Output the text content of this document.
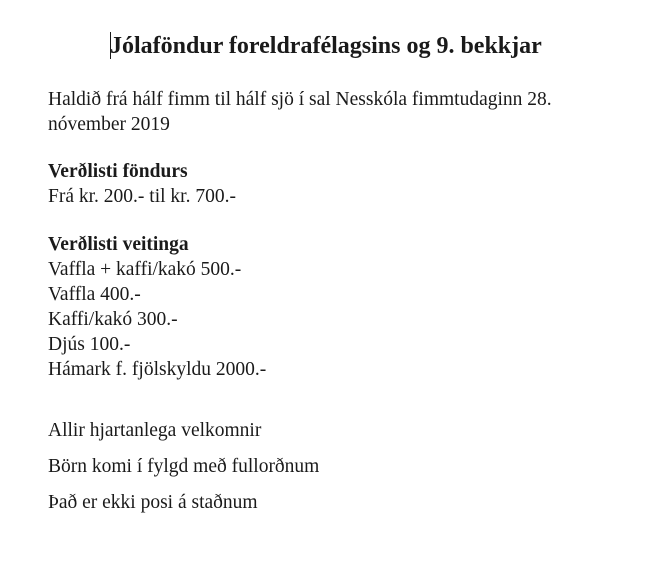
Jólaföndur foreldrafélagsins og 9. bekkjar

Haldið frá hálf fimm til hálf sjö í sal Nesskóla fimmtudaginn 28. nóvember 2019

Verðlisti föndurs
Frá kr. 200.- til kr. 700.-
Verðlisti veitinga
Vaffla + kaffi/kakó 500.-
Vaffla 400.-
Kaffi/kakó 300.-
Djús 100.-
Hámark f. fjölskyldu 2000.-

Allir hjartanlega velkomnir

Börn komi í fylgd með fullorðnum

Það er ekki posi á staðnum
